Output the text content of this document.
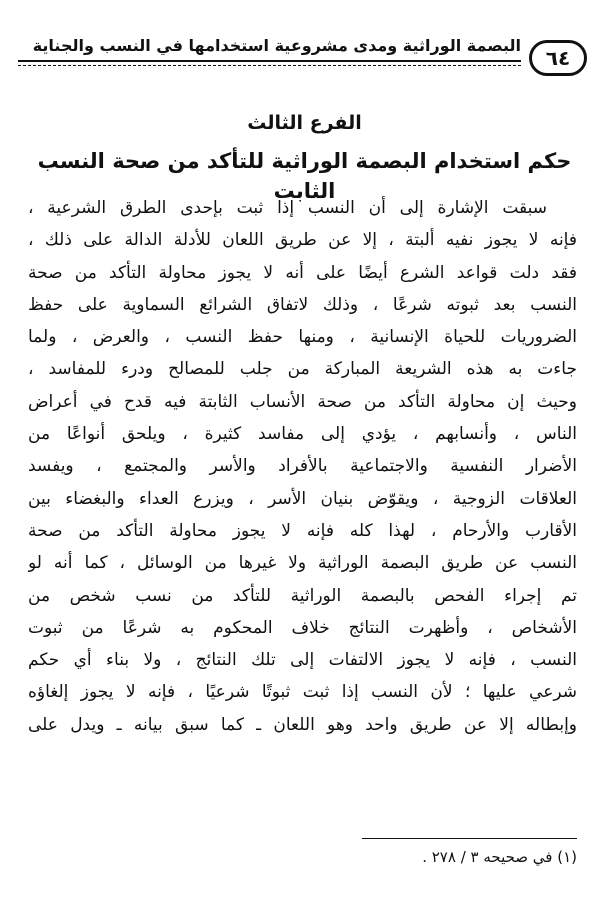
البصمة الوراثية ومدى مشروعية استخدامها في النسب والجناية
٦٤
الفرع الثالث
حكم استخدام البصمة الوراثية للتأكد من صحة النسب الثابت
سبقت الإشارة إلى أن النسب إذا ثبت بإحدى الطرق الشرعية ،
فإنه لا يجوز نفيه ألبتة ، إلا عن طريق اللعان للأدلة الدالة على ذلك ،
فقد دلت قواعد الشرع أيضًا على أنه لا يجوز محاولة التأكد من صحة
النسب بعد ثبوته شرعًا ، وذلك لاتفاق الشرائع السماوية على حفظ
الضروريات للحياة الإنسانية ، ومنها حفظ النسب ، والعرض ، ولما
جاءت به هذه الشريعة المباركة من جلب للمصالح ودرء للمفاسد ،
وحيث إن محاولة التأكد من صحة الأنساب الثابتة فيه قدح في أعراض
الناس ، وأنسابهم ، يؤدي إلى مفاسد كثيرة ، ويلحق أنواعًا من
الأضرار النفسية والاجتماعية بالأفراد والأسر والمجتمع ، ويفسد
العلاقات الزوجية ، ويقوّض بنيان الأسر ، ويزرع العداء والبغضاء بين
الأقارب والأرحام ، لهذا كله فإنه لا يجوز محاولة التأكد من صحة
النسب عن طريق البصمة الوراثية ولا غيرها من الوسائل ، كما أنه لو
تم إجراء الفحص بالبصمة الوراثية للتأكد من نسب شخص من
الأشخاص ، وأظهرت النتائج خلاف المحكوم به شرعًا من ثبوت
النسب ، فإنه لا يجوز الالتفات إلى تلك النتائج ، ولا بناء أي حكم
شرعي عليها ؛ لأن النسب إذا ثبت ثبوتًا شرعيًا ، فإنه لا يجوز إلغاؤه
وإبطاله إلا عن طريق واحد وهو اللعان ـ كما سبق بيانه ـ ويدل على
(١) في صحيحه ٣ / ٢٧٨ .
